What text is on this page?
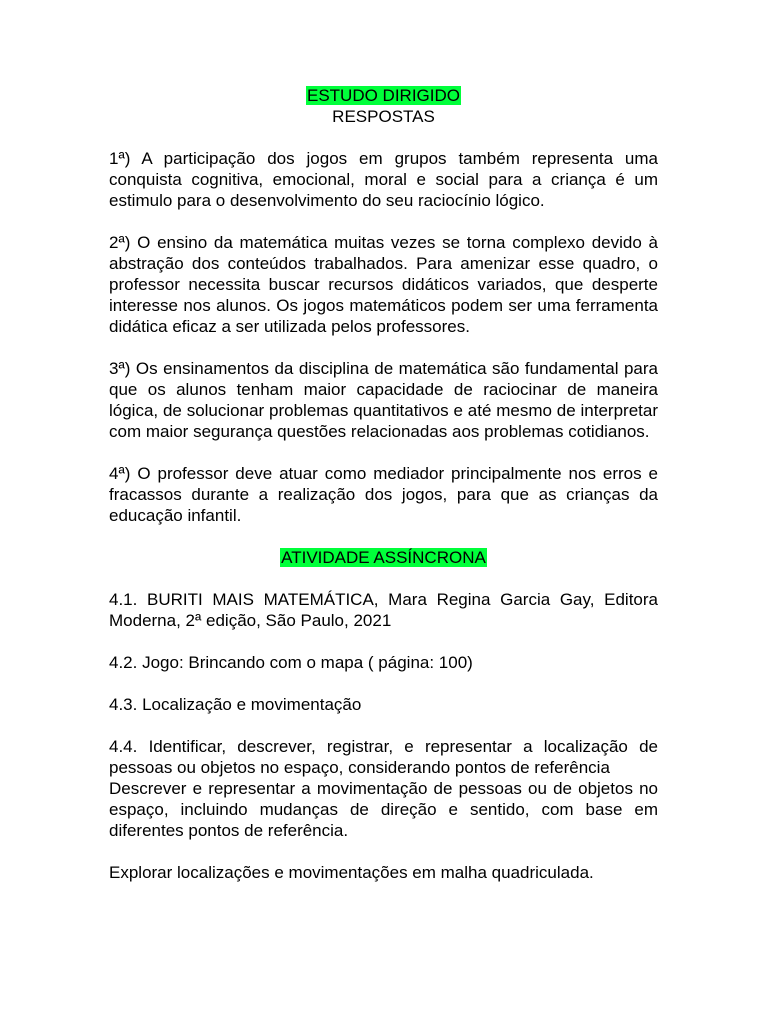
ESTUDO DIRIGIDO
RESPOSTAS

1ª) A participação dos jogos em grupos também representa uma conquista cognitiva, emocional, moral e social para a criança é um estimulo para o desenvolvimento do seu raciocínio lógico.

2ª) O ensino da matemática muitas vezes se torna complexo devido à abstração dos conteúdos trabalhados. Para amenizar esse quadro, o professor necessita buscar recursos didáticos variados, que desperte interesse nos alunos. Os jogos matemáticos podem ser uma ferramenta didática eficaz a ser utilizada pelos professores.

3ª) Os ensinamentos da disciplina de matemática são fundamental para que os alunos tenham maior capacidade de raciocinar de maneira lógica, de solucionar problemas quantitativos e até mesmo de interpretar com maior segurança questões relacionadas aos problemas cotidianos.

4ª) O professor deve atuar como mediador principalmente nos erros e fracassos durante a realização dos jogos, para que as crianças da educação infantil.

ATIVIDADE ASSÍNCRONA

4.1. BURITI MAIS MATEMÁTICA, Mara Regina Garcia Gay, Editora Moderna, 2ª edição, São Paulo, 2021

4.2. Jogo: Brincando com o mapa ( página: 100)

4.3. Localização e movimentação

4.4. Identificar, descrever, registrar, e representar a localização de pessoas ou objetos no espaço, considerando pontos de referência

Descrever e representar a movimentação de pessoas ou de objetos no espaço, incluindo mudanças de direção e sentido, com base em diferentes pontos de referência.

Explorar localizações e movimentações em malha quadriculada.
